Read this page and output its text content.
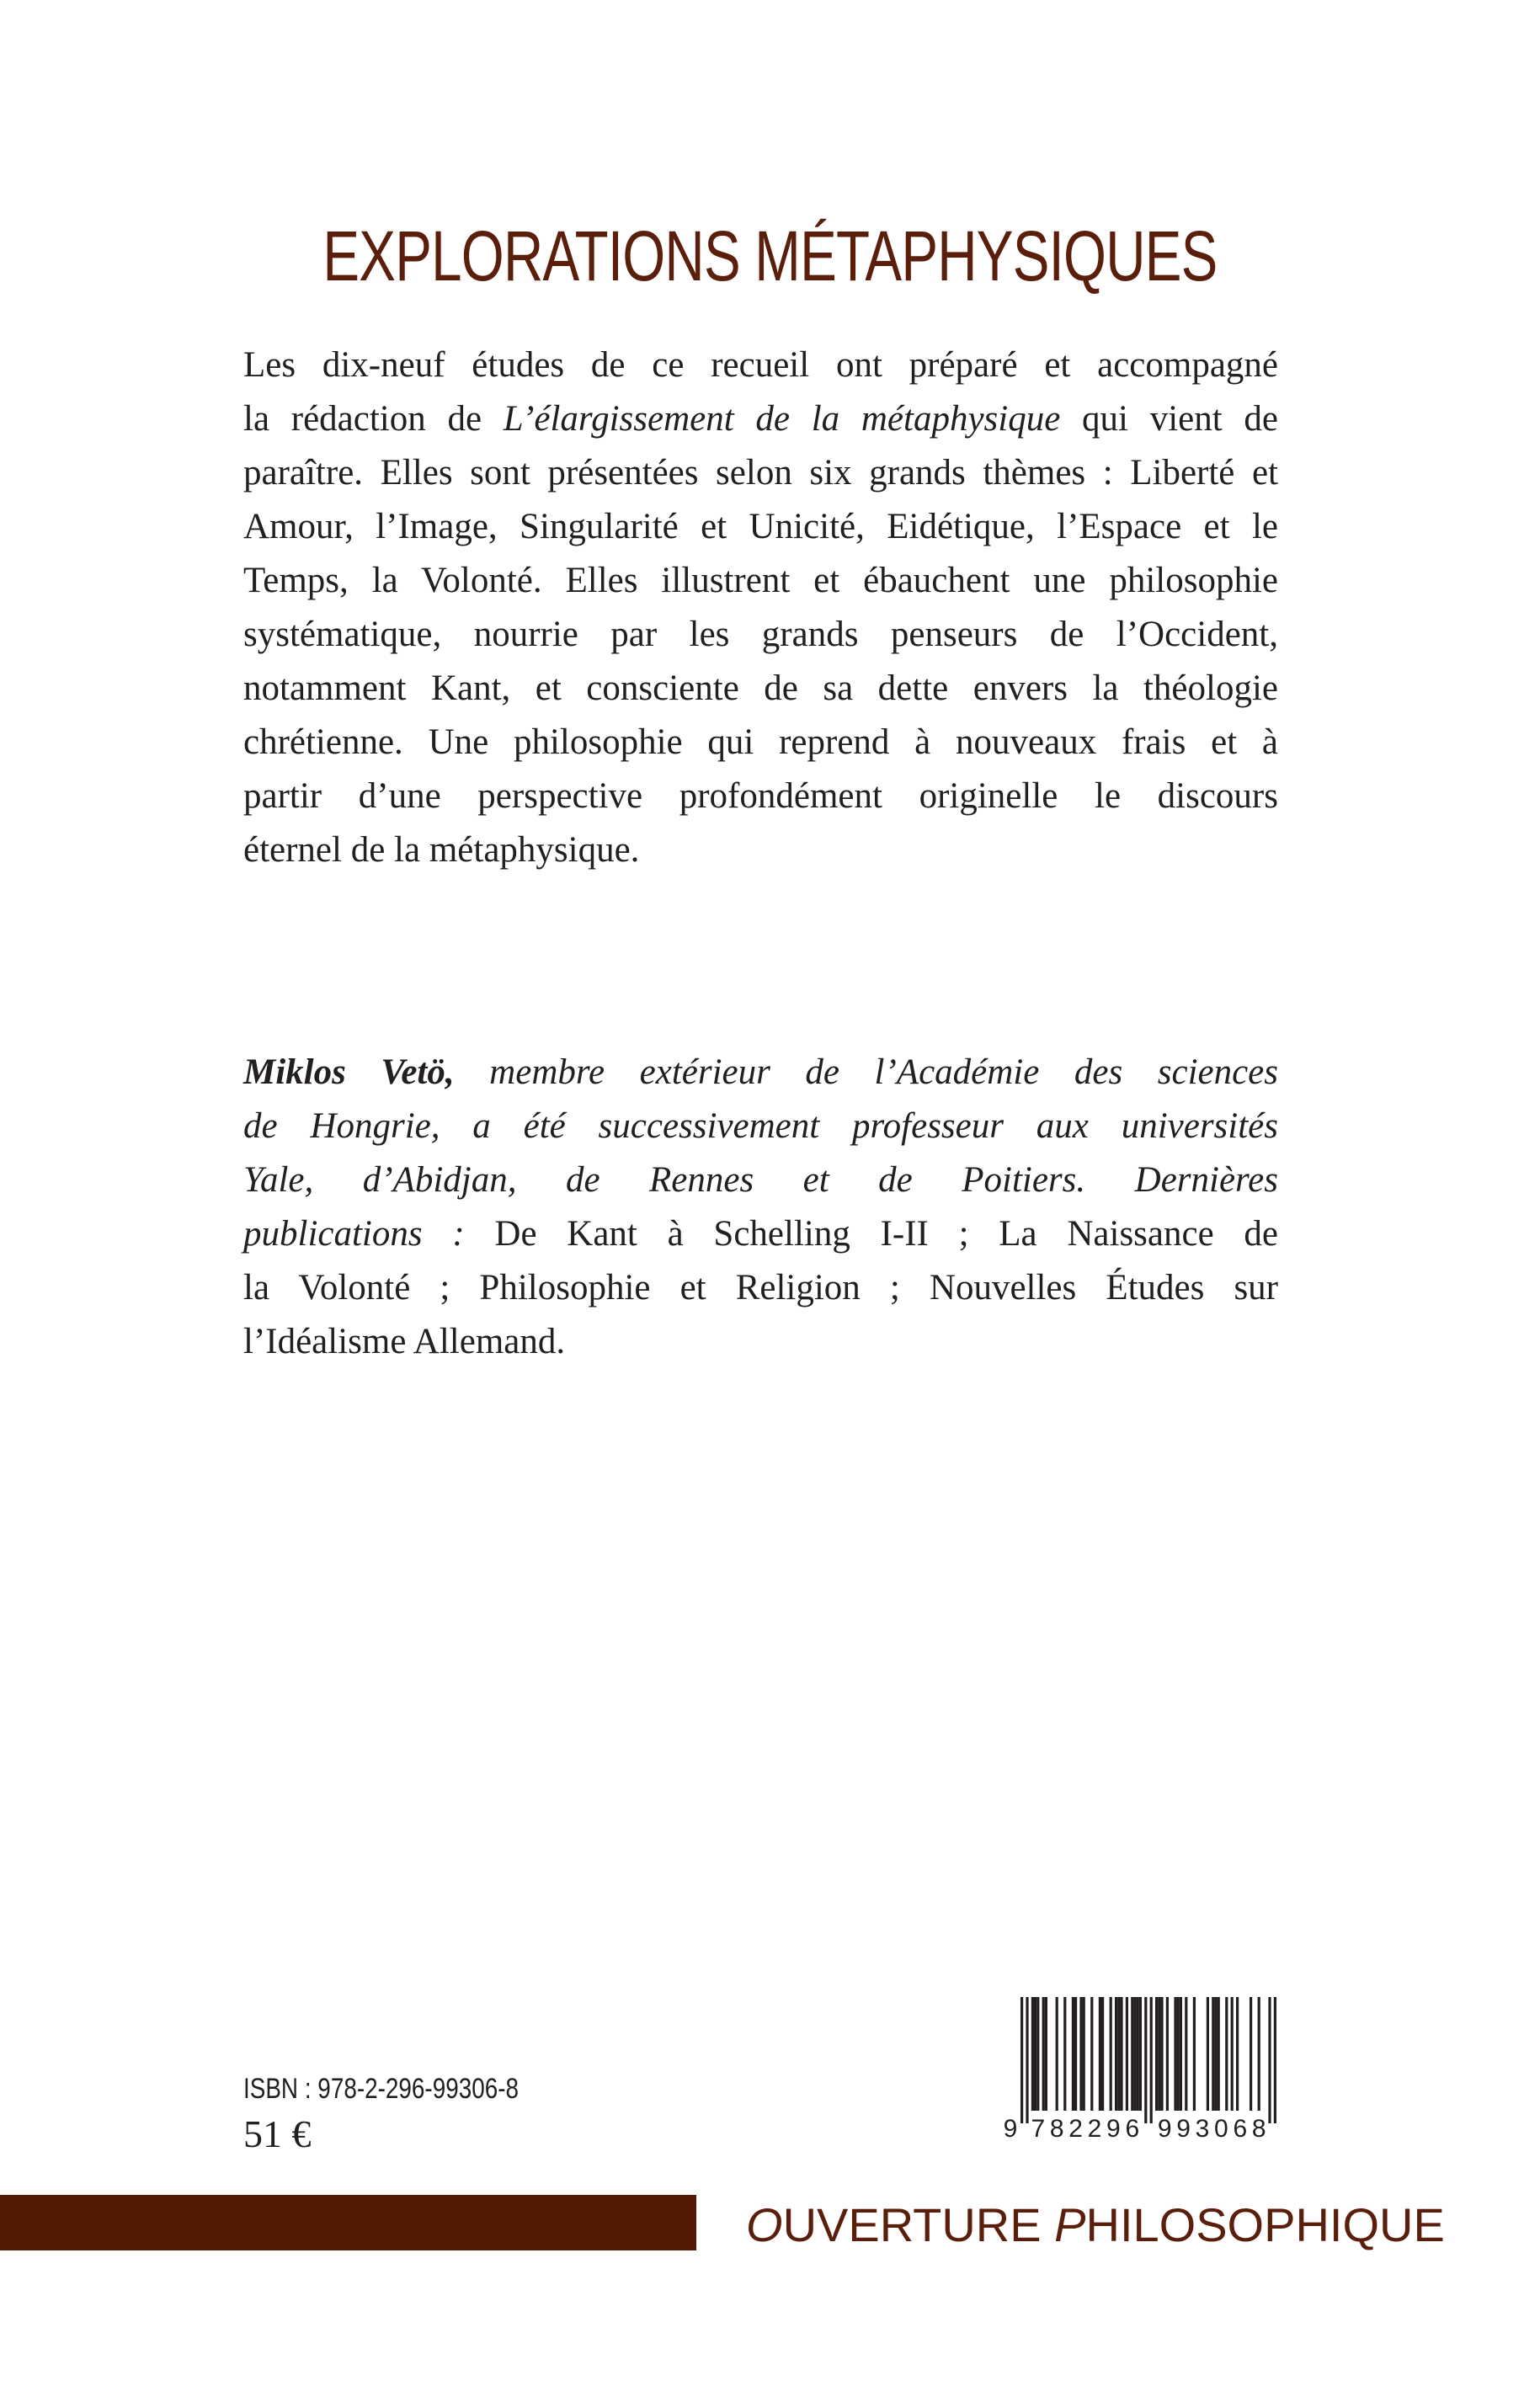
EXPLORATIONS MÉTAPHYSIQUES
Les dix-neuf études de ce recueil ont préparé et accompagné
la rédaction de L’élargissement de la métaphysique qui vient de
paraître. Elles sont présentées selon six grands thèmes : Liberté et
Amour, l’Image, Singularité et Unicité, Eidétique, l’Espace et le
Temps, la Volonté. Elles illustrent et ébauchent une philosophie
systématique, nourrie par les grands penseurs de l’Occident,
notamment Kant, et consciente de sa dette envers la théologie
chrétienne. Une philosophie qui reprend à nouveaux frais et à
partir d’une perspective profondément originelle le discours
éternel de la métaphysique.
Miklos Vetö, membre extérieur de l’Académie des sciences
de Hongrie, a été successivement professeur aux universités
Yale, d’Abidjan, de Rennes et de Poitiers. Dernières
publications : De Kant à Schelling I-II ; La Naissance de
la Volonté ; Philosophie et Religion ; Nouvelles Études sur
l’Idéalisme Allemand.
ISBN : 978-2-296-99306-8
51 €	9 7 8 2 2 9 6 9 9 3 0 6 8
OUVERTURE PHILOSOPHIQUE
